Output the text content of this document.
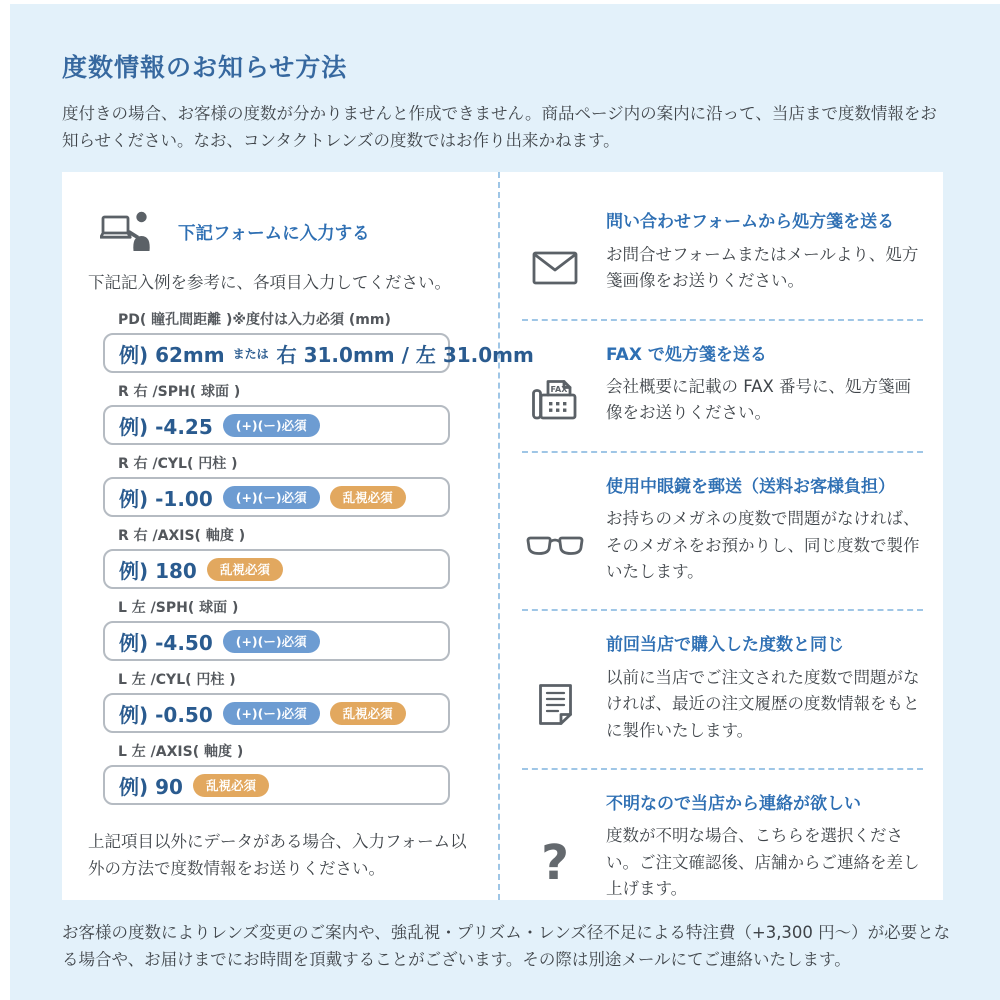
度数情報のお知らせ方法

度付きの場合、お客様の度数が分かりませんと作成できません。商品ページ内の案内に沿って、当店まで度数情報をお知らせください。なお、コンタクトレンズの度数ではお作り出来かねます。

下記フォームに入力する

下記記入例を参考に、各項目入力してください。

PD( 瞳孔間距離 )※度付は入力必須 (mm)
例) 62mm または 右 31.0mm / 左 31.0mm
R 右 /SPH( 球面 )
例) -4.25	(+)(ー)必須
R 右 /CYL( 円柱 )
例) -1.00	(+)(ー)必須	乱視必須
R 右 /AXIS( 軸度 )
例) 180	乱視必須
L 左 /SPH( 球面 )
例) -4.50	(+)(ー)必須
L 左 /CYL( 円柱 )
例) -0.50	(+)(ー)必須	乱視必須
L 左 /AXIS( 軸度 )
例) 90	乱視必須

上記項目以外にデータがある場合、入力フォーム以外の方法で度数情報をお送りください。

問い合わせフォームから処方箋を送る

お問合せフォームまたはメールより、処方箋画像をお送りください。

FAX で処方箋を送る
FAX 会社概要に記載の FAX 番号に、処方箋画像をお送りください。

使用中眼鏡を郵送（送料お客様負担）

お持ちのメガネの度数で問題がなければ、そのメガネをお預かりし、同じ度数で製作いたします。

前回当店で購入した度数と同じ

以前に当店でご注文された度数で問題がなければ、最近の注文履歴の度数情報をもとに製作いたします。

不明なので当店から連絡が欲しい
? 度数が不明な場合、こちらを選択ください。ご注文確認後、店舗からご連絡を差し上げます。

お客様の度数によりレンズ変更のご案内や、強乱視・プリズム・レンズ径不足による特注費（+3,300 円～）が必要となる場合や、お届けまでにお時間を頂戴することがございます。その際は別途メールにてご連絡いたします。
